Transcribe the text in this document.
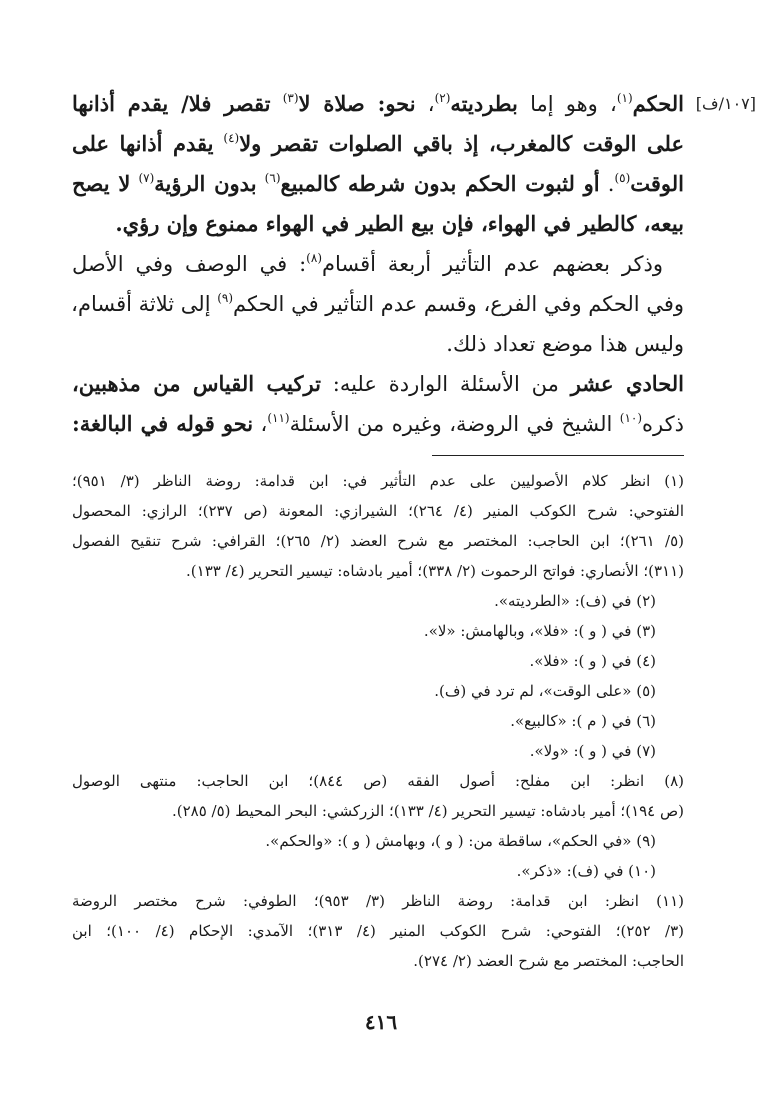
[١٠٧/ف]
الحكم$^{(١)}$، وهو إما بطرديته$^{(٢)}$، نحو: صلاة لا$^{(٣)}$ تقصر فلا/ يقدم أذانها
على الوقت كالمغرب، إذ باقي الصلوات تقصر ولا$^{(٤)}$ يقدم أذانها على
الوقت$^{(٥)}$. أو لثبوت الحكم بدون شرطه كالمبيع$^{(٦)}$ بدون الرؤية$^{(٧)}$ لا يصح
بيعه، كالطير في الهواء، فإن بيع الطير في الهواء ممنوع وإن رؤي.
 وذكر بعضهم عدم التأثير أربعة أقسام$^{(٨)}$: في الوصف وفي الأصل
وفي الحكم وفي الفرع، وقسم عدم التأثير في الحكم$^{(٩)}$ إلى ثلاثة أقسام،
وليس هذا موضع تعداد ذلك.
الحادي عشر من الأسئلة الواردة عليه: تركيب القياس من مذهبين،
ذكره$^{(١٠)}$ الشيخ في الروضة، وغيره من الأسئلة$^{(١١)}$، نحو قوله في البالغة:
(١) انظر كلام الأصوليين على عدم التأثير في: ابن قدامة: روضة الناظر (٣/ ٩٥١)؛
الفتوحي: شرح الكوكب المنير (٤/ ٢٦٤)؛ الشيرازي: المعونة (ص ٢٣٧)؛ الرازي: المحصول
(٥/ ٢٦١)؛ ابن الحاجب: المختصر مع شرح العضد (٢/ ٢٦٥)؛ القرافي: شرح تنقيح الفصول
(٣١١)؛ الأنصاري: فواتح الرحموت (٢/ ٣٣٨)؛ أمير بادشاه: تيسير التحرير (٤/ ١٣٣).
(٢) في (ف): «الطرديته».
(٣) في ( و ): «فلا»، وبالهامش: «لا».
(٤) في ( و ): «فلا».
(٥) «على الوقت»، لم ترد في (ف).
(٦) في ( م ): «كالبيع».
(٧) في ( و ): «ولا».
(٨) انظر: ابن مفلح: أصول الفقه (ص ٨٤٤)؛ ابن الحاجب: منتهى الوصول
(ص ١٩٤)؛ أمير بادشاه: تيسير التحرير (٤/ ١٣٣)؛ الزركشي: البحر المحيط (٥/ ٢٨٥).
(٩) «في الحكم»، ساقطة من: ( و )، وبهامش ( و ): «والحكم».
(١٠) في (ف): «ذكر».
(١١) انظر: ابن قدامة: روضة الناظر (٣/ ٩٥٣)؛ الطوفي: شرح مختصر الروضة
(٣/ ٢٥٢)؛ الفتوحي: شرح الكوكب المنير (٤/ ٣١٣)؛ الآمدي: الإحكام (٤/ ١٠٠)؛ ابن
الحاجب: المختصر مع شرح العضد (٢/ ٢٧٤).
٤١٦
